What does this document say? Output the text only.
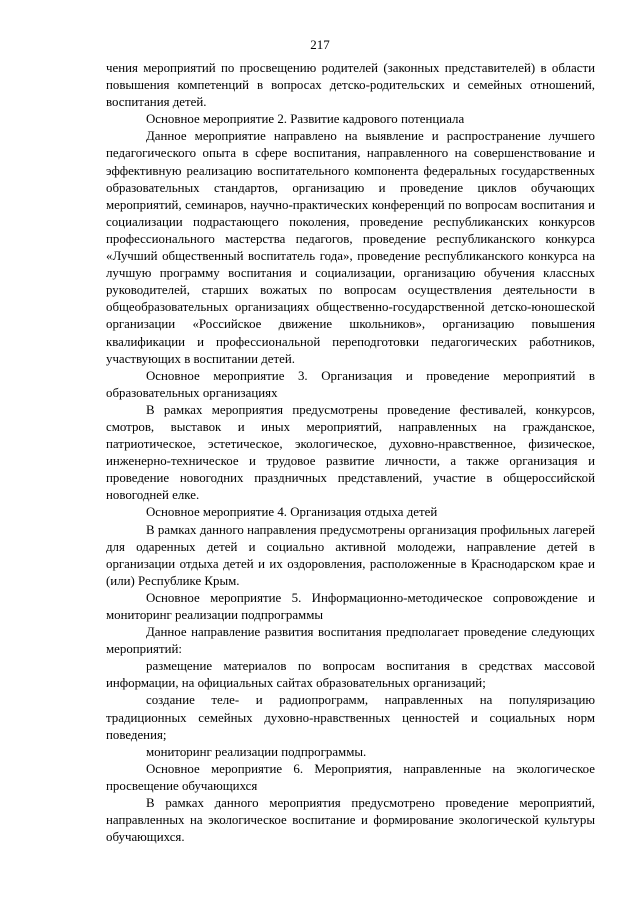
217

чения мероприятий по просвещению родителей (законных представителей) в области повышения компетенций в вопросах детско-родительских и семейных отношений, воспитания детей.

Основное мероприятие 2. Развитие кадрового потенциала

Данное мероприятие направлено на выявление и распространение лучшего педагогического опыта в сфере воспитания, направленного на совершенствование и эффективную реализацию воспитательного компонента федеральных государственных образовательных стандартов, организацию и проведение циклов обучающих мероприятий, семинаров, научно-практических конференций по вопросам воспитания и социализации подрастающего поколения, проведение республиканских конкурсов профессионального мастерства педагогов, проведение республиканского конкурса «Лучший общественный воспитатель года», проведение республиканского конкурса на лучшую программу воспитания и социализации, организацию обучения классных руководителей, старших вожатых по вопросам осуществления деятельности в общеобразовательных организациях общественно-государственной детско-юношеской организации «Российское движение школьников», организацию повышения квалификации и профессиональной переподготовки педагогических работников, участвующих в воспитании детей.

Основное мероприятие 3. Организация и проведение мероприятий в образовательных организациях

В рамках мероприятия предусмотрены проведение фестивалей, конкурсов, смотров, выставок и иных мероприятий, направленных на гражданское, патриотическое, эстетическое, экологическое, духовно-нравственное, физическое, инженерно-техническое и трудовое развитие личности, а также организация и проведение новогодних праздничных представлений, участие в общероссийской новогодней елке.

Основное мероприятие 4. Организация отдыха детей

В рамках данного направления предусмотрены организация профильных лагерей для одаренных детей и социально активной молодежи, направление детей в организации отдыха детей и их оздоровления, расположенные в Краснодарском крае и (или) Республике Крым.

Основное мероприятие 5. Информационно-методическое сопровождение и мониторинг реализации подпрограммы

Данное направление развития воспитания предполагает проведение следующих мероприятий:

размещение материалов по вопросам воспитания в средствах массовой информации, на официальных сайтах образовательных организаций;

создание теле- и радиопрограмм, направленных на популяризацию традиционных семейных духовно-нравственных ценностей и социальных норм поведения;

мониторинг реализации подпрограммы.

Основное мероприятие 6. Мероприятия, направленные на экологическое просвещение обучающихся

В рамках данного мероприятия предусмотрено проведение мероприятий, направленных на экологическое воспитание и формирование экологической культуры обучающихся.
